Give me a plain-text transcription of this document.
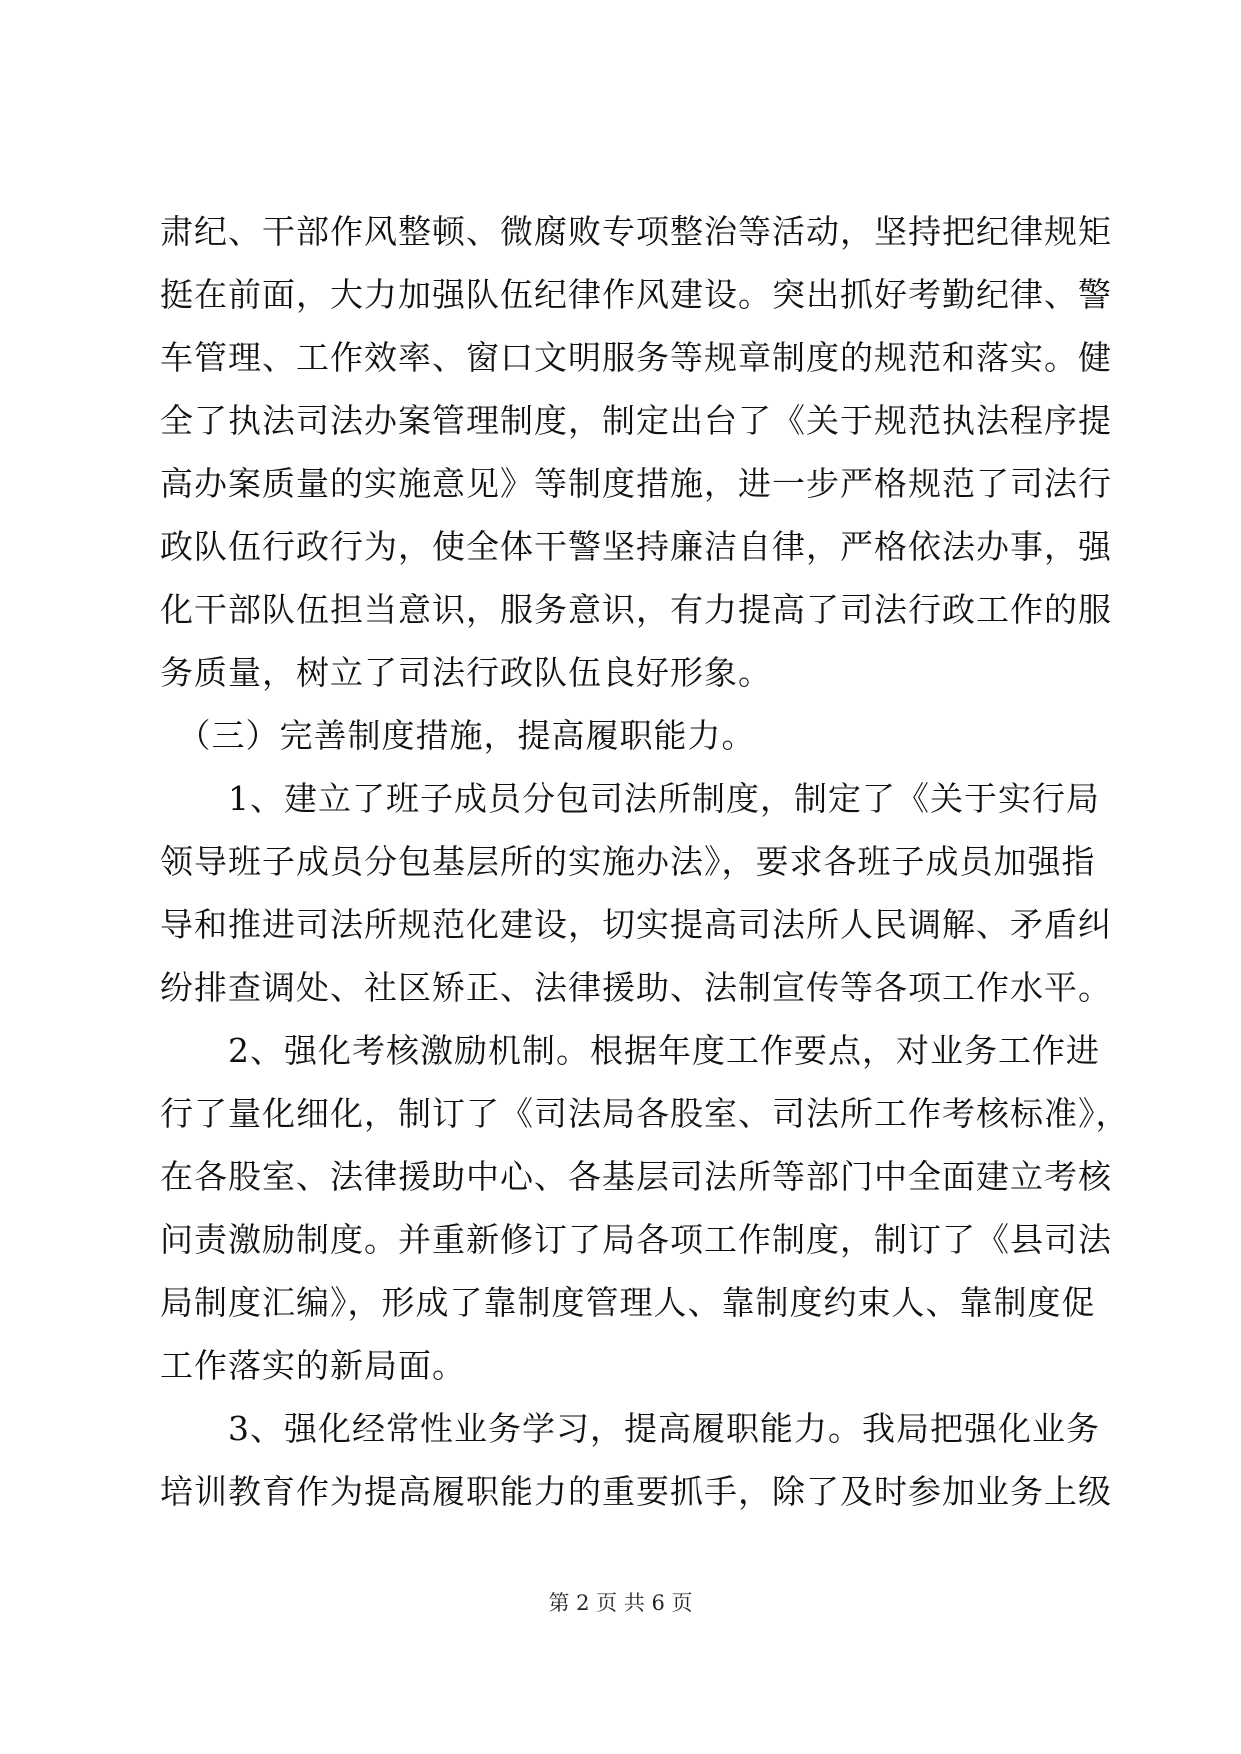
肃纪、干部作风整顿、微腐败专项整治等活动，坚持把纪律规矩
挺在前面，大力加强队伍纪律作风建设。突出抓好考勤纪律、警
车管理、工作效率、窗口文明服务等规章制度的规范和落实。健
全了执法司法办案管理制度，制定出台了《关于规范执法程序提
高办案质量的实施意见》等制度措施，进一步严格规范了司法行
政队伍行政行为，使全体干警坚持廉洁自律，严格依法办事，强
化干部队伍担当意识，服务意识，有力提高了司法行政工作的服
务质量，树立了司法行政队伍良好形象。
　（三）完善制度措施，提高履职能力。
　　1、建立了班子成员分包司法所制度，制定了《关于实行局
领导班子成员分包基层所的实施办法》，要求各班子成员加强指
导和推进司法所规范化建设，切实提高司法所人民调解、矛盾纠
纷排查调处、社区矫正、法律援助、法制宣传等各项工作水平。
　　2、强化考核激励机制。根据年度工作要点，对业务工作进
行了量化细化，制订了《司法局各股室、司法所工作考核标准》，
在各股室、法律援助中心、各基层司法所等部门中全面建立考核
问责激励制度。并重新修订了局各项工作制度，制订了《县司法
局制度汇编》，形成了靠制度管理人、靠制度约束人、靠制度促
工作落实的新局面。
　　3、强化经常性业务学习，提高履职能力。我局把强化业务
培训教育作为提高履职能力的重要抓手，除了及时参加业务上级
第 2 页 共 6 页
